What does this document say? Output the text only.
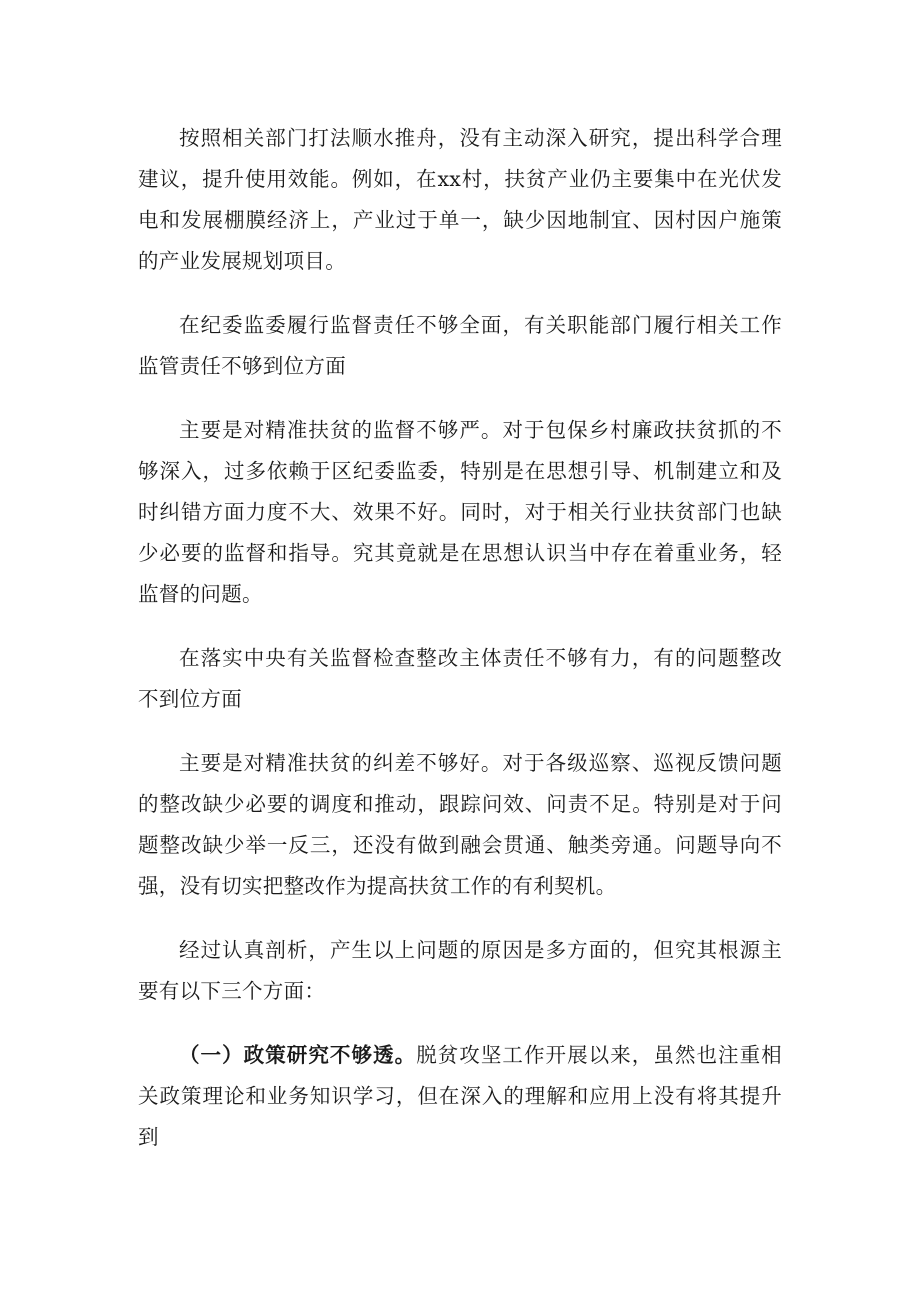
按照相关部门打法顺水推舟，没有主动深入研究，提出科学合理建议，提升使用效能。例如，在xx村，扶贫产业仍主要集中在光伏发电和发展棚膜经济上，产业过于单一，缺少因地制宜、因村因户施策的产业发展规划项目。

在纪委监委履行监督责任不够全面，有关职能部门履行相关工作监管责任不够到位方面

主要是对精准扶贫的监督不够严。对于包保乡村廉政扶贫抓的不够深入，过多依赖于区纪委监委，特别是在思想引导、机制建立和及时纠错方面力度不大、效果不好。同时，对于相关行业扶贫部门也缺少必要的监督和指导。究其竟就是在思想认识当中存在着重业务，轻监督的问题。

在落实中央有关监督检查整改主体责任不够有力，有的问题整改不到位方面

主要是对精准扶贫的纠差不够好。对于各级巡察、巡视反馈问题的整改缺少必要的调度和推动，跟踪问效、问责不足。特别是对于问题整改缺少举一反三，还没有做到融会贯通、触类旁通。问题导向不强，没有切实把整改作为提高扶贫工作的有利契机。

经过认真剖析，产生以上问题的原因是多方面的，但究其根源主要有以下三个方面：

（一）政策研究不够透。脱贫攻坚工作开展以来，虽然也注重相关政策理论和业务知识学习，但在深入的理解和应用上没有将其提升到
